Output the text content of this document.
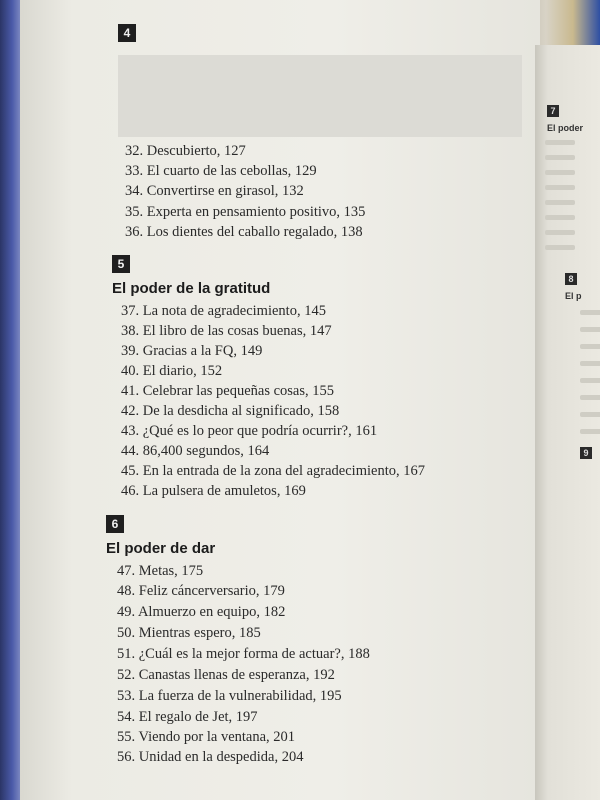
7
El poder
8
El p
9
4
32. Descubierto, 127
33. El cuarto de las cebollas, 129
34. Convertirse en girasol, 132
35. Experta en pensamiento positivo, 135
36. Los dientes del caballo regalado, 138
5
El poder de la gratitud
37. La nota de agradecimiento, 145
38. El libro de las cosas buenas, 147
39. Gracias a la FQ, 149
40. El diario, 152
41. Celebrar las pequeñas cosas, 155
42. De la desdicha al significado, 158
43. ¿Qué es lo peor que podría ocurrir?, 161
44. 86,400 segundos, 164
45. En la entrada de la zona del agradecimiento, 167
46. La pulsera de amuletos, 169
6
El poder de dar
47. Metas, 175
48. Feliz cáncerversario, 179
49. Almuerzo en equipo, 182
50. Mientras espero, 185
51. ¿Cuál es la mejor forma de actuar?, 188
52. Canastas llenas de esperanza, 192
53. La fuerza de la vulnerabilidad, 195
54. El regalo de Jet, 197
55. Viendo por la ventana, 201
56. Unidad en la despedida, 204
